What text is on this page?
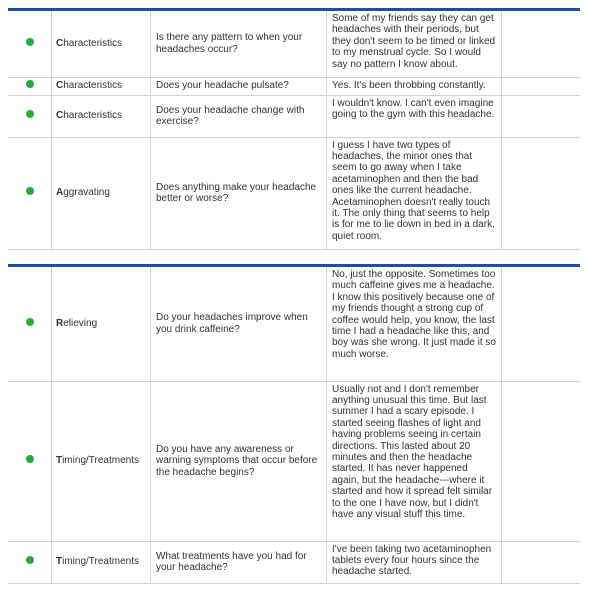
	Characteristics	Is there any pattern to when your headaches occur?	Some of my friends say they can get headaches with their periods, but they don't seem to be timed or linked to my menstrual cycle. So I would say no pattern I know about.	
	Characteristics	Does your headache pulsate?	Yes. It's been throbbing constantly.	
	Characteristics	Does your headache change with exercise?	I wouldn't know. I can't even imagine going to the gym with this headache.	
	Aggravating	Does anything make your headache better or worse?	I guess I have two types of headaches, the minor ones that seem to go away when I take acetaminophen and then the bad ones like the current headache. Acetaminophen doesn't really touch it. The only thing that seems to help is for me to lie down in bed in a dark, quiet room.	
	Relieving	Do your headaches improve when you drink caffeine?	No, just the opposite. Sometimes too much caffeine gives me a headache. I know this positively because one of my friends thought a strong cup of coffee would help, you know, the last time I had a headache like this, and boy was she wrong. It just made it so much worse.	
	Timing/Treatments	Do you have any awareness or warning symptoms that occur before the headache begins?	Usually not and I don't remember anything unusual this time. But last summer I had a scary episode. I started seeing flashes of light and having problems seeing in certain directions. This lasted about 20 minutes and then the headache started. It has never happened again, but the headache---where it started and how it spread felt similar to the one I have now, but I didn't have any visual stuff this time.	
	Timing/Treatments	What treatments have you had for your headache?	I've been taking two acetaminophen tablets every four hours since the headache started.	
